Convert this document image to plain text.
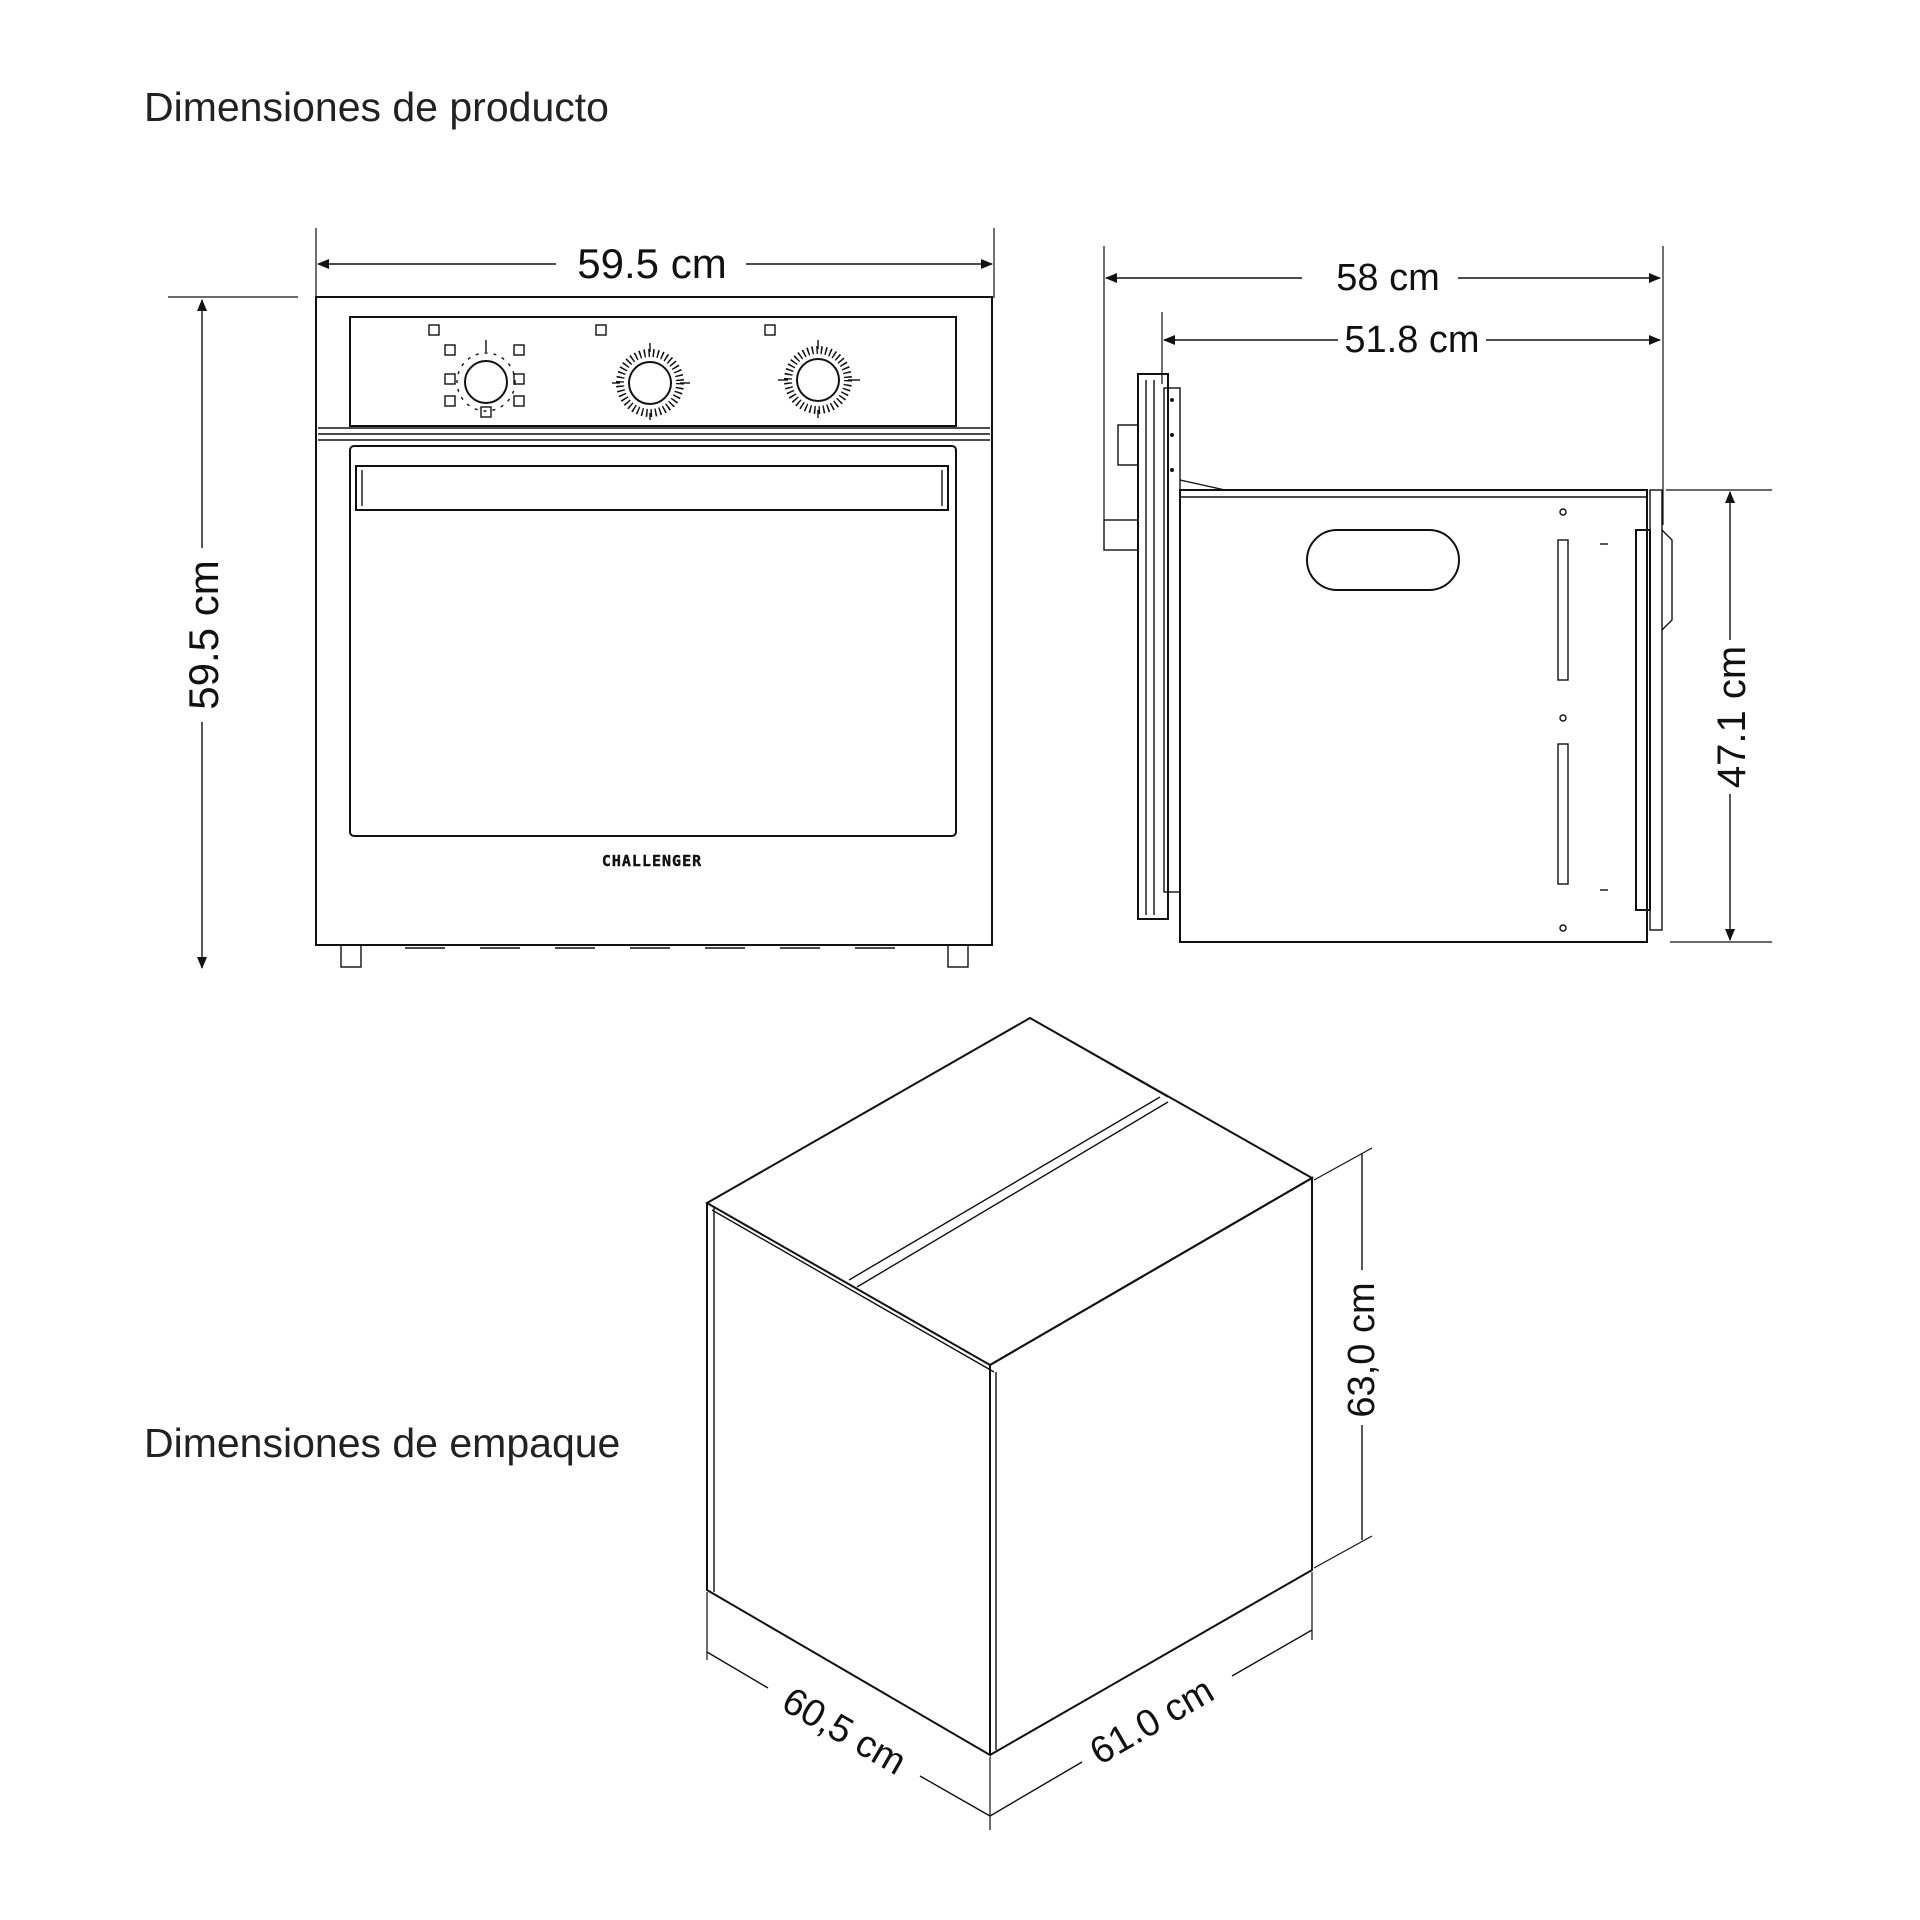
Dimensiones de producto
Dimensiones de empaque
59.5 cm
59.5 cm
CHALLENGER
58 cm
51.8 cm
47.1 cm
63,0 cm
60,5 cm	61.0 cm
